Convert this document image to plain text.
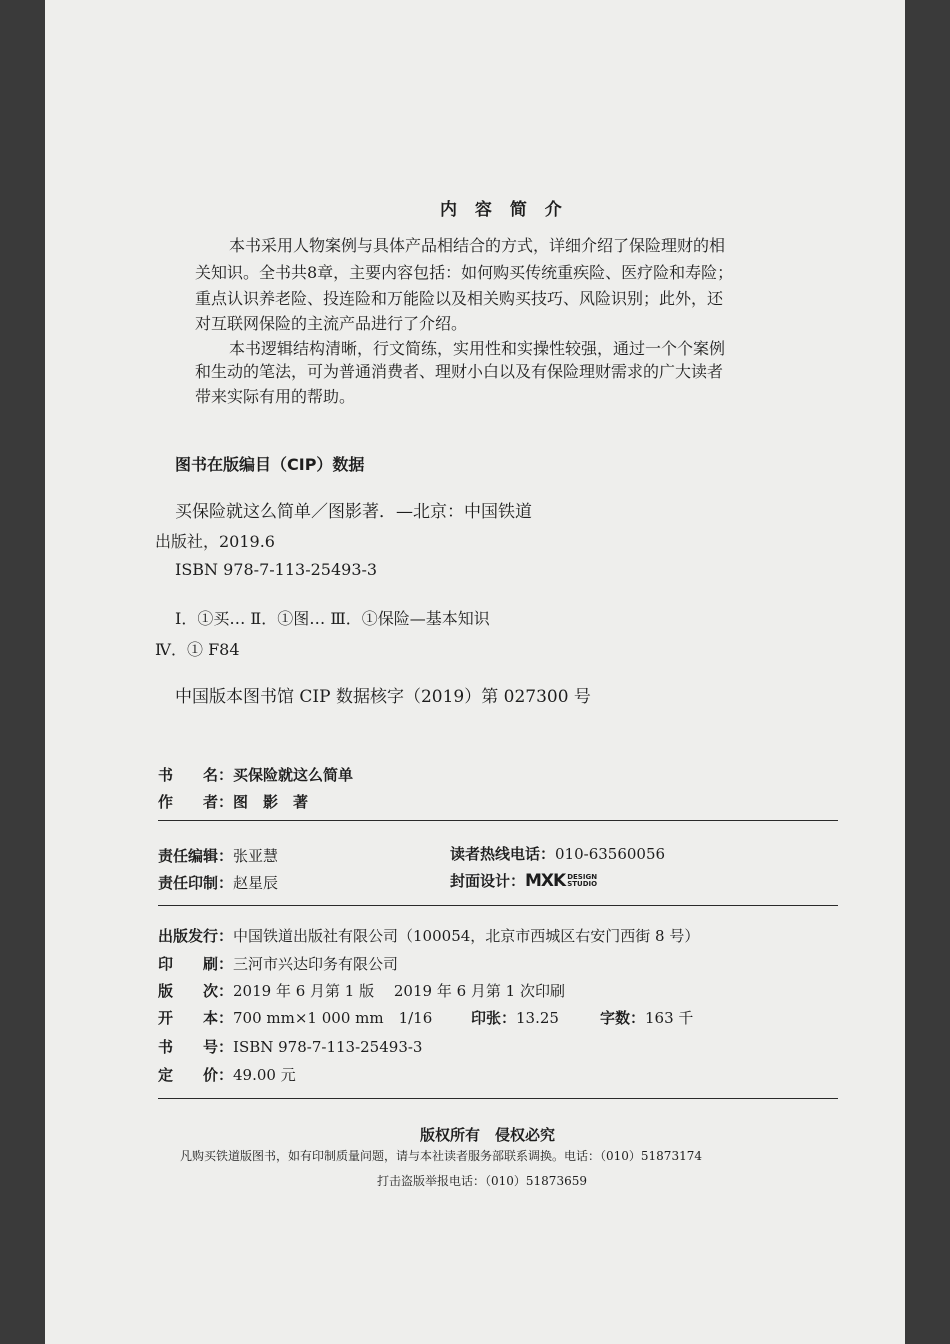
内 容 简 介
本书采用人物案例与具体产品相结合的方式，详细介绍了保险理财的相
关知识。全书共8章，主要内容包括：如何购买传统重疾险、医疗险和寿险；
重点认识养老险、投连险和万能险以及相关购买技巧、风险识别；此外，还
对互联网保险的主流产品进行了介绍。
本书逻辑结构清晰，行文简练，实用性和实操性较强，通过一个个案例
和生动的笔法，可为普通消费者、理财小白以及有保险理财需求的广大读者
带来实际有用的帮助。
图书在版编目（CIP）数据
买保险就这么简单／图影著．—北京：中国铁道
出版社，2019.6
ISBN 978-7-113-25493-3
Ⅰ．①买… Ⅱ．①图… Ⅲ．①保险—基本知识
Ⅳ．① F84
中国版本图书馆 CIP 数据核字（2019）第 027300 号
书　　名：买保险就这么简单
作　　者：图　影　著
责任编辑：张亚慧	读者热线电话：010-63560056
责任印制：赵星辰	封面设计：MXK DESIGN
STUDIO
出版发行：中国铁道出版社有限公司（100054，北京市西城区右安门西街 8 号）
印　　刷：三河市兴达印务有限公司
版　　次：2019 年 6 月第 1 版　 2019 年 6 月第 1 次印刷
开　　本：700 mm×1 000 mm　1/16	印张：13.25	字数：163 千
书　　号：ISBN 978-7-113-25493-3
定　　价：49.00 元
版权所有　侵权必究
凡购买铁道版图书，如有印制质量问题，请与本社读者服务部联系调换。电话：（010）51873174
打击盗版举报电话：（010）51873659
